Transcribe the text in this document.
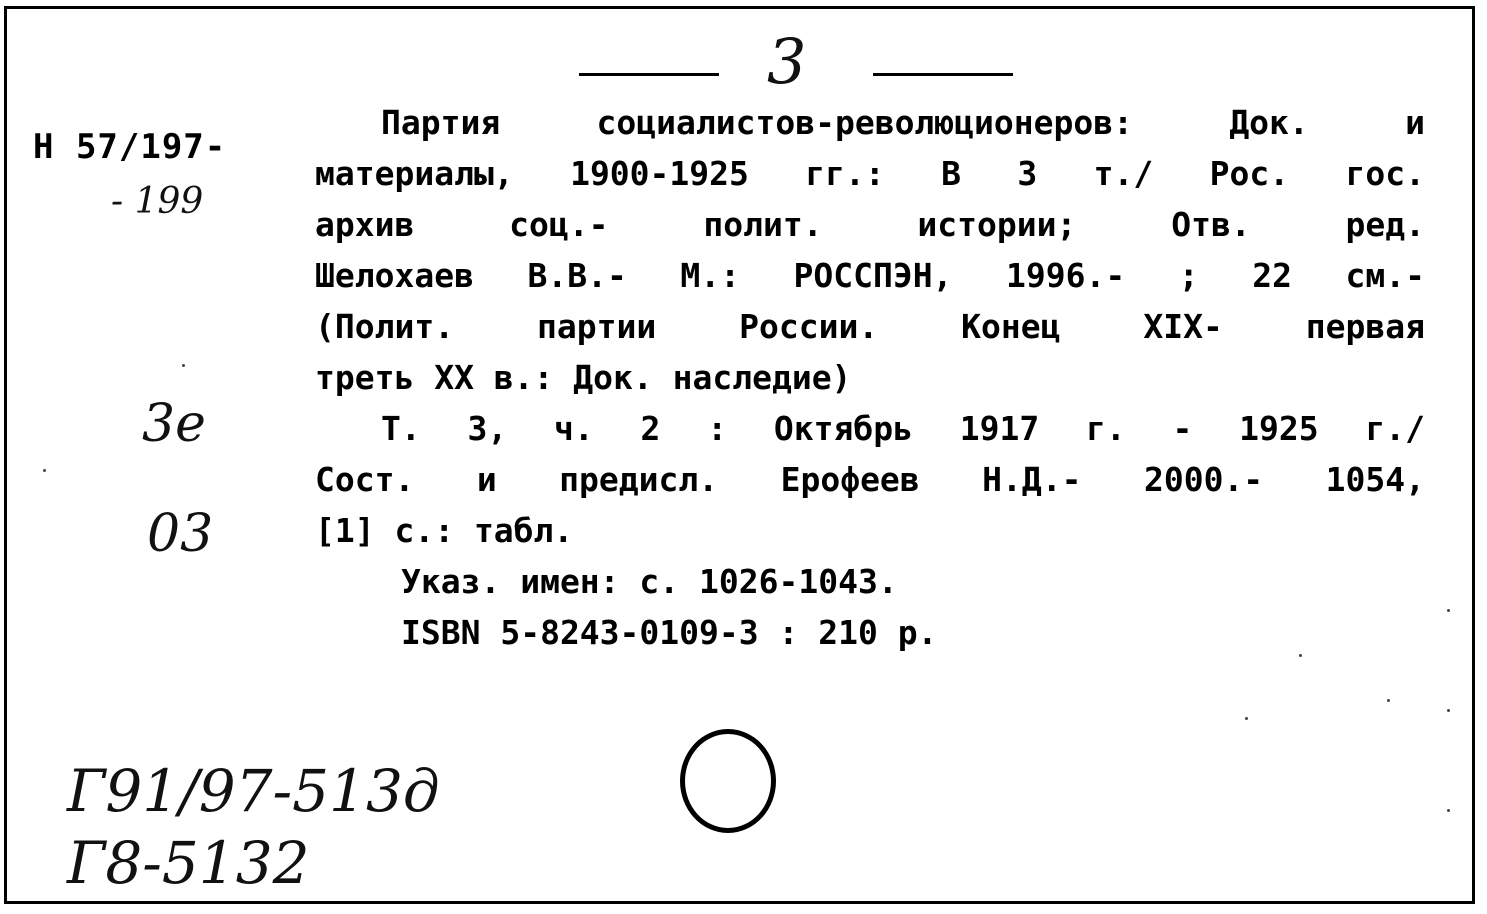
3
Н 57/197-
- 199
3е
03
Г91/97-513д
Г8-5132
Партия социалистов-революционеров: Док. и
материалы, 1900-1925 гг.: В 3 т./ Рос. гос.
архив соц.- полит. истории; Отв. ред.
Шелохаев В.В.- М.: РОССПЭН, 1996.- ; 22 см.-
(Полит. партии России. Конец XIX- первая
треть XX в.: Док. наследие)
Т. 3, ч. 2 : Октябрь 1917 г. - 1925 г./
Сост. и предисл. Ерофеев Н.Д.- 2000.- 1054,
[1] с.: табл.
Указ. имен: с. 1026-1043.
ISBN 5-8243-0109-3 : 210 р.
